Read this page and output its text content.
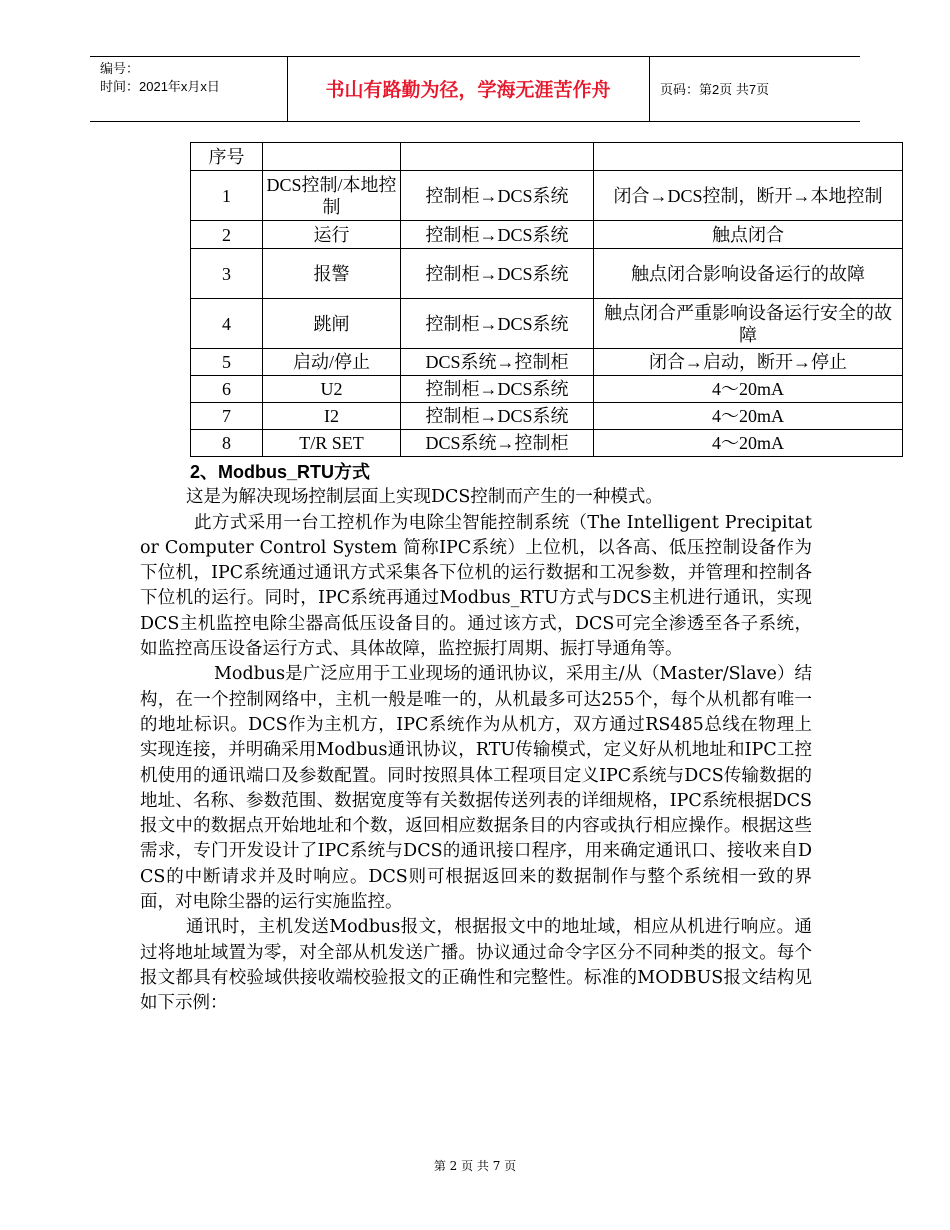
编号：
时间：2021年x月x日	书山有路勤为径，学海无涯苦作舟	页码：第2页 共7页
序号			
1	DCS控制/本地控制	控制柜→DCS系统	闭合→DCS控制，断开→本地控制
2	运行	控制柜→DCS系统	触点闭合
3	报警	控制柜→DCS系统	触点闭合影响设备运行的故障
4	跳闸	控制柜→DCS系统	触点闭合严重影响设备运行安全的故障
5	启动/停止	DCS系统→控制柜	闭合→启动，断开→停止
6	U2	控制柜→DCS系统	4～20mA
7	I2	控制柜→DCS系统	4～20mA
8	T/R SET	DCS系统→控制柜	4～20mA

2、Modbus_RTU方式

这是为解决现场控制层面上实现DCS控制而产生的一种模式。

此方式采用一台工控机作为电除尘智能控制系统（The Intelligent Precipitator Computer Control System 简称IPC系统）上位机，以各高、低压控制设备作为下位机，IPC系统通过通讯方式采集各下位机的运行数据和工况参数，并管理和控制各下位机的运行。同时，IPC系统再通过Modbus_RTU方式与DCS主机进行通讯，实现DCS主机监控电除尘器高低压设备目的。通过该方式，DCS可完全渗透至各子系统，如监控高压设备运行方式、具体故障，监控振打周期、振打导通角等。

Modbus是广泛应用于工业现场的通讯协议，采用主/从（Master/Slave）结构，在一个控制网络中，主机一般是唯一的，从机最多可达255个，每个从机都有唯一的地址标识。DCS作为主机方，IPC系统作为从机方，双方通过RS485总线在物理上实现连接，并明确采用Modbus通讯协议，RTU传输模式，定义好从机地址和IPC工控机使用的通讯端口及参数配置。同时按照具体工程项目定义IPC系统与DCS传输数据的地址、名称、参数范围、数据宽度等有关数据传送列表的详细规格，IPC系统根据DCS报文中的数据点开始地址和个数，返回相应数据条目的内容或执行相应操作。根据这些需求，专门开发设计了IPC系统与DCS的通讯接口程序，用来确定通讯口、接收来自DCS的中断请求并及时响应。DCS则可根据返回来的数据制作与整个系统相一致的界面，对电除尘器的运行实施监控。

通讯时，主机发送Modbus报文，根据报文中的地址域，相应从机进行响应。通过将地址域置为零，对全部从机发送广播。协议通过命令字区分不同种类的报文。每个报文都具有校验域供接收端校验报文的正确性和完整性。标准的MODBUS报文结构见如下示例：

第 2 页 共 7 页
